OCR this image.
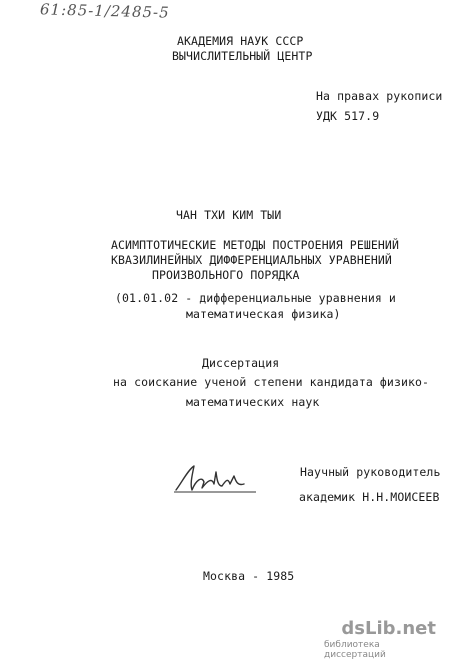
61:85-1/2485-5
АКАДЕМИЯ НАУК СССР
ВЫЧИСЛИТЕЛЬНЫЙ ЦЕНТР
На правах рукописи
УДК 517.9
ЧАН ТХИ КИМ ТЫИ
АСИМПТОТИЧЕСКИЕ МЕТОДЫ ПОСТРОЕНИЯ РЕШЕНИЙ
КВАЗИЛИНЕЙНЫХ ДИФФЕРЕНЦИАЛЬНЫХ УРАВНЕНИЙ
ПРОИЗВОЛЬНОГО ПОРЯДКА
(01.01.02 - дифференциальные уравнения и
математическая физика)
Диссертация
на соискание ученой степени кандидата физико-
математических наук
Научный руководитель
академик Н.Н.МОИСЕЕВ
Москва - 1985
dsLib.net
библиотека диссертаций
